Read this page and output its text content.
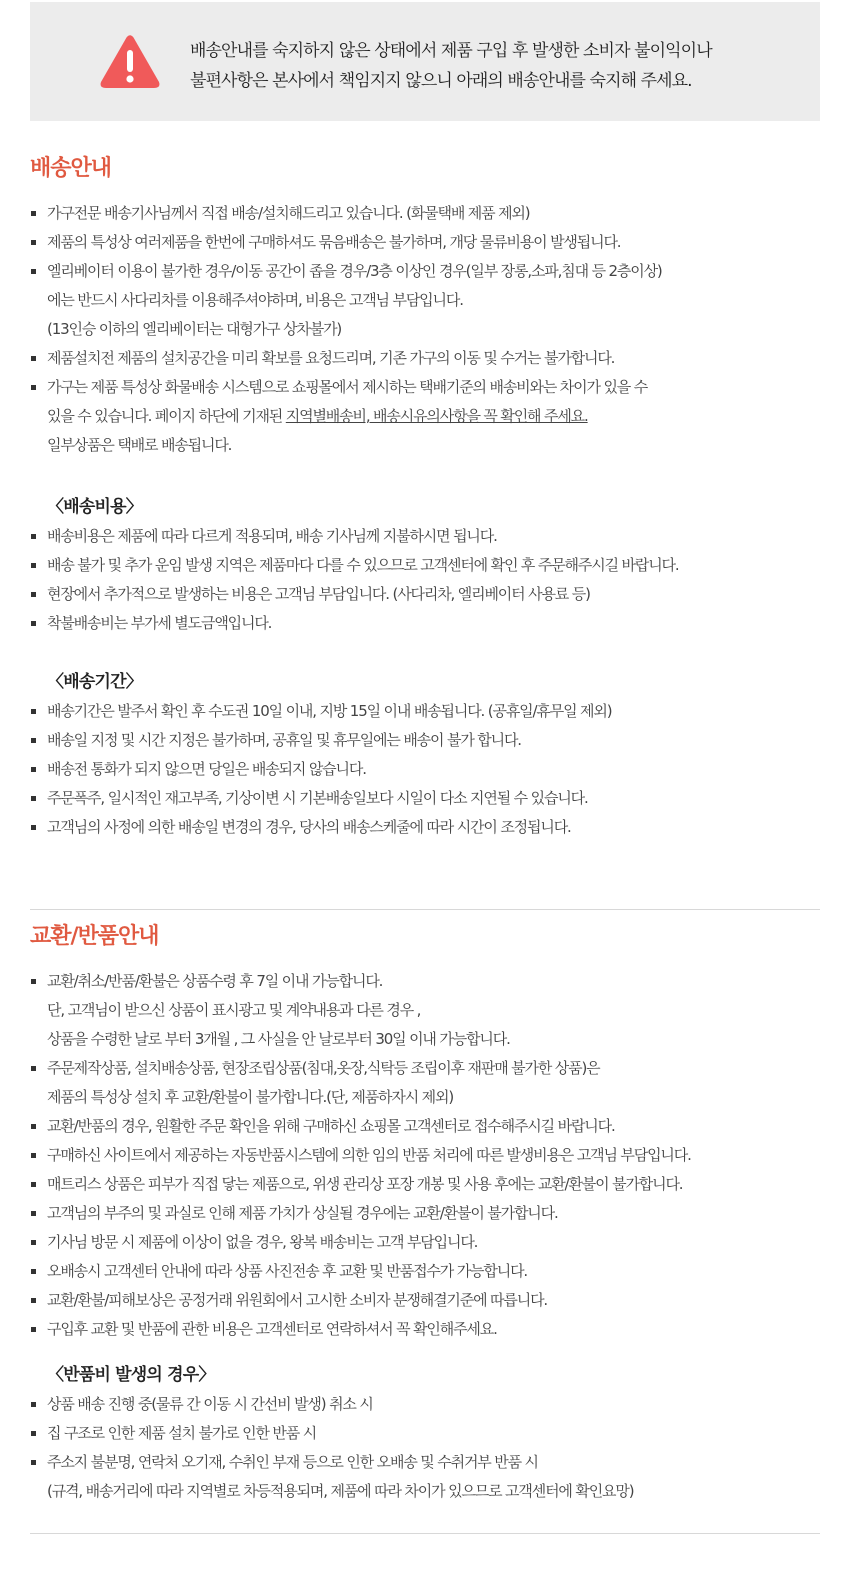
배송안내를 숙지하지 않은 상태에서 제품 구입 후 발생한 소비자 불이익이나
불편사항은 본사에서 책임지지 않으니 아래의 배송안내를 숙지해 주세요.
배송안내
가구전문 배송기사님께서 직접 배송/설치해드리고 있습니다. (화물택배 제품 제외)
제품의 특성상 여러제품을 한번에 구매하셔도 묶음배송은 불가하며, 개당 물류비용이 발생됩니다.
엘리베이터 이용이 불가한 경우/이동 공간이 좁을 경우/3층 이상인 경우(일부 장롱,소파,침대 등 2층이상)
에는 반드시 사다리차를 이용해주셔야하며, 비용은 고객님 부담입니다.
(13인승 이하의 엘리베이터는 대형가구 상차불가)
제품설치전 제품의 설치공간을 미리 확보를 요청드리며, 기존 가구의 이동 및 수거는 불가합니다.
가구는 제품 특성상 화물배송 시스템으로 쇼핑몰에서 제시하는 택배기준의 배송비와는 차이가 있을 수
있을 수 있습니다. 페이지 하단에 기재된 지역별배송비, 배송시유의사항을 꼭 확인해 주세요.
일부상품은 택배로 배송됩니다.
〈배송비용〉
배송비용은 제품에 따라 다르게 적용되며, 배송 기사님께 지불하시면 됩니다.
배송 불가 및 추가 운임 발생 지역은 제품마다 다를 수 있으므로 고객센터에 확인 후 주문해주시길 바랍니다.
현장에서 추가적으로 발생하는 비용은 고객님 부담입니다. (사다리차, 엘리베이터 사용료 등)
착불배송비는 부가세 별도금액입니다.
〈배송기간〉
배송기간은 발주서 확인 후 수도권 10일 이내, 지방 15일 이내 배송됩니다. (공휴일/휴무일 제외)
배송일 지정 및 시간 지정은 불가하며, 공휴일 및 휴무일에는 배송이 불가 합니다.
배송전 통화가 되지 않으면 당일은 배송되지 않습니다.
주문폭주, 일시적인 재고부족, 기상이변 시 기본배송일보다 시일이 다소 지연될 수 있습니다.
고객님의 사정에 의한 배송일 변경의 경우, 당사의 배송스케줄에 따라 시간이 조정됩니다.
교환/반품안내
교환/취소/반품/환불은 상품수령 후 7일 이내 가능합니다.
단, 고객님이 받으신 상품이 표시광고 및 계약내용과 다른 경우 ,
상품을 수령한 날로 부터 3개월 , 그 사실을 안 날로부터 30일 이내 가능합니다.
주문제작상품, 설치배송상품, 현장조립상품(침대,옷장,식탁등 조립이후 재판매 불가한 상품)은
제품의 특성상 설치 후 교환/환불이 불가합니다.(단, 제품하자시 제외)
교환/반품의 경우, 원활한 주문 확인을 위해 구매하신 쇼핑몰 고객센터로 접수해주시길 바랍니다.
구매하신 사이트에서 제공하는 자동반품시스템에 의한 임의 반품 처리에 따른 발생비용은 고객님 부담입니다.
매트리스 상품은 피부가 직접 닿는 제품으로, 위생 관리상 포장 개봉 및 사용 후에는 교환/환불이 불가합니다.
고객님의 부주의 및 과실로 인해 제품 가치가 상실될 경우에는 교환/환불이 불가합니다.
기사님 방문 시 제품에 이상이 없을 경우, 왕복 배송비는 고객 부담입니다.
오배송시 고객센터 안내에 따라 상품 사진전송 후 교환 및 반품접수가 가능합니다.
교환/환불/피해보상은 공정거래 위원회에서 고시한 소비자 분쟁해결기준에 따릅니다.
구입후 교환 및 반품에 관한 비용은 고객센터로 연락하셔서 꼭 확인해주세요.
〈반품비 발생의 경우〉
상품 배송 진행 중(물류 간 이동 시 간선비 발생) 취소 시
집 구조로 인한 제품 설치 불가로 인한 반품 시
주소지 불분명, 연락처 오기재, 수취인 부재 등으로 인한 오배송 및 수취거부 반품 시
(규격, 배송거리에 따라 지역별로 차등적용되며, 제품에 따라 차이가 있으므로 고객센터에 확인요망)
